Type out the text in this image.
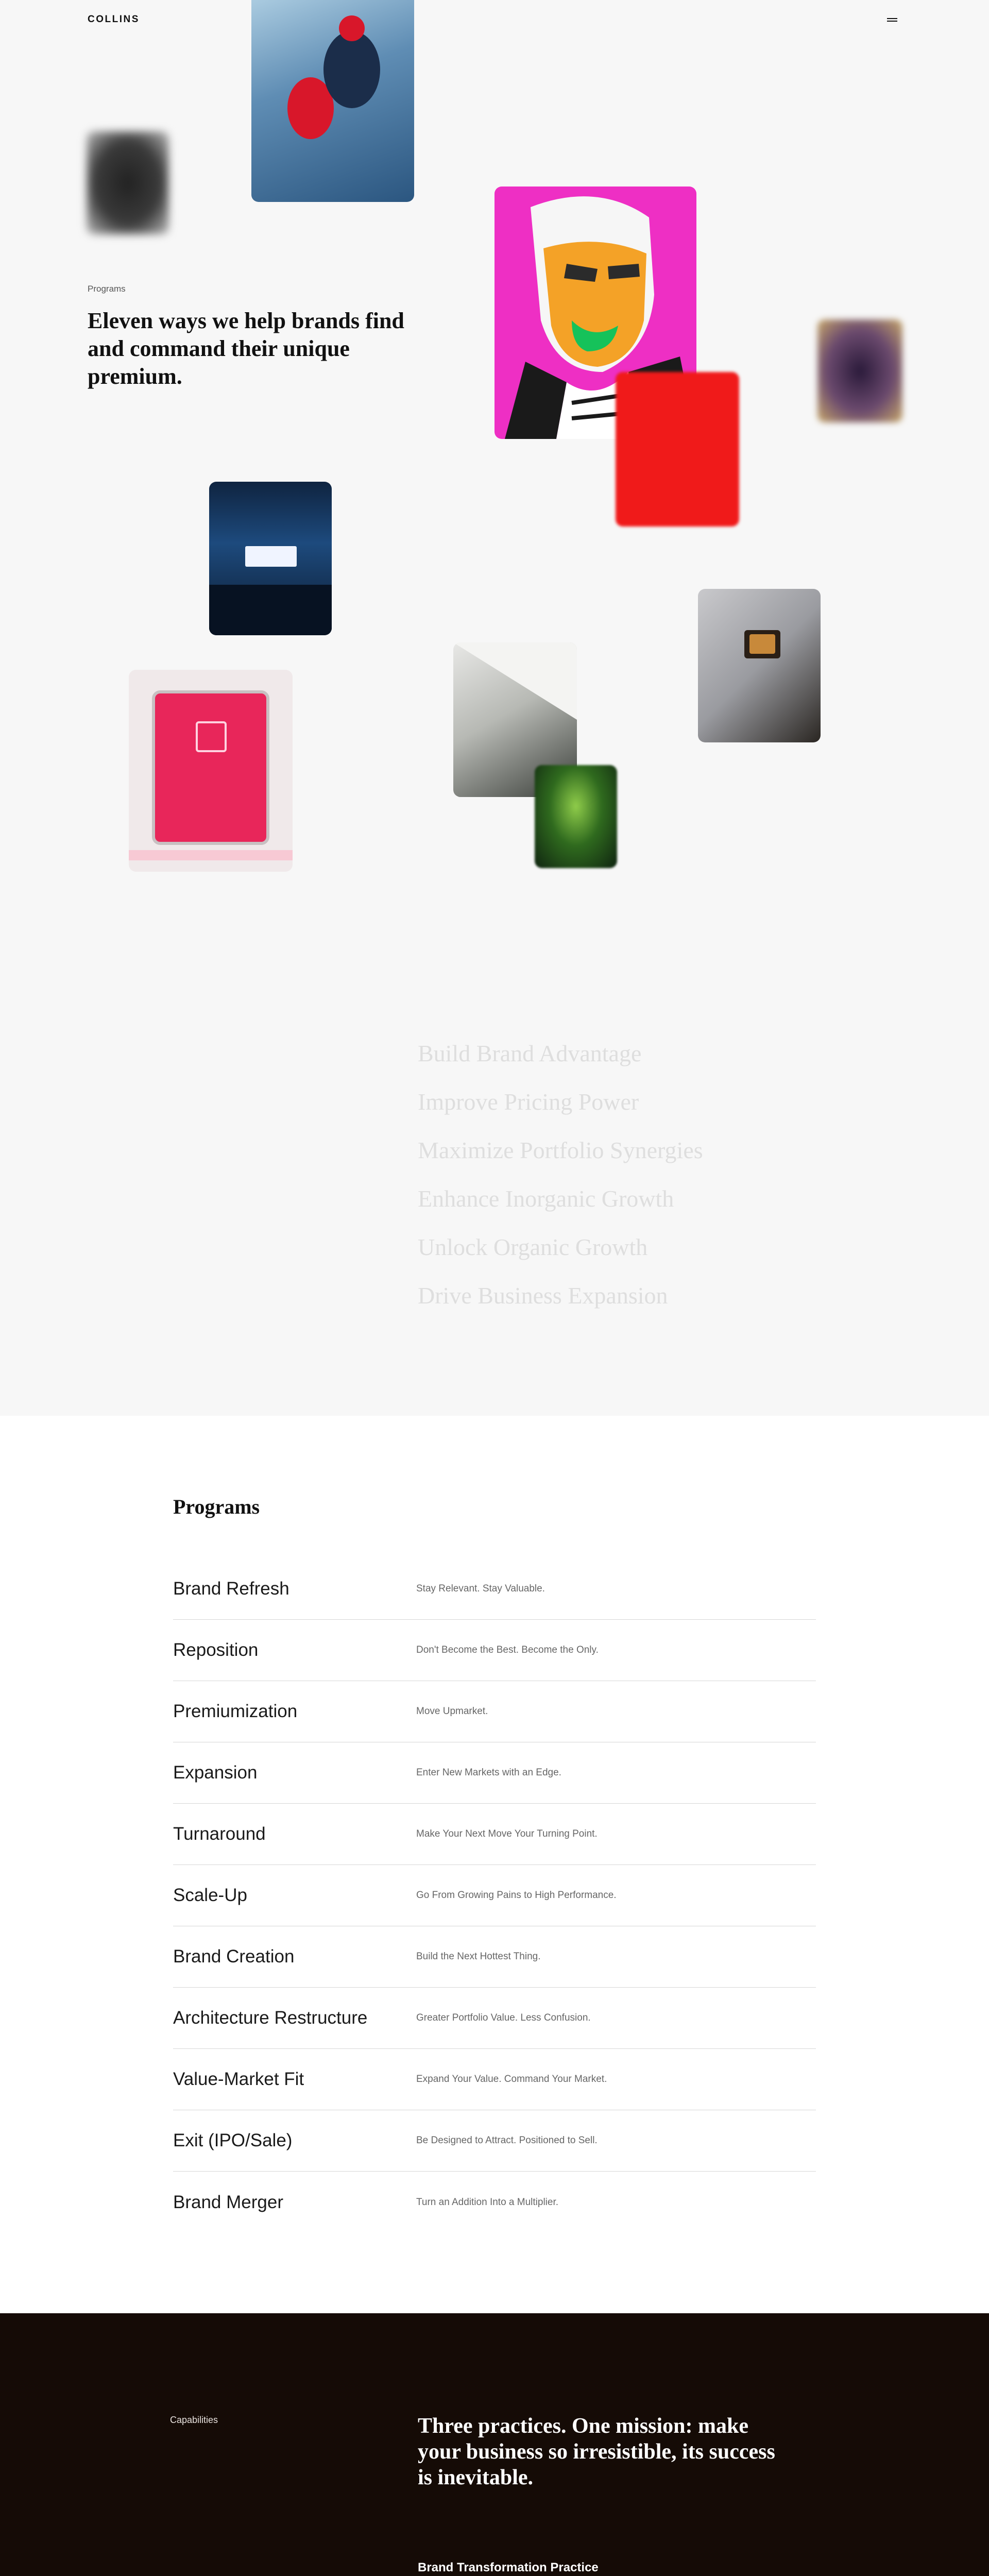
COLLINS
Programs
Eleven ways we help brands find and command their unique premium.
Build Brand Advantage
Improve Pricing Power
Maximize Portfolio Synergies
Enhance Inorganic Growth
Unlock Organic Growth
Drive Business Expansion
Programs
Brand Refresh	Stay Relevant. Stay Valuable.
Reposition	Don't Become the Best. Become the Only.
Premiumization	Move Upmarket.
Expansion	Enter New Markets with an Edge.
Turnaround	Make Your Next Move Your Turning Point.
Scale-Up	Go From Growing Pains to High Performance.
Brand Creation	Build the Next Hottest Thing.
Architecture Restructure	Greater Portfolio Value. Less Confusion.
Value-Market Fit	Expand Your Value. Command Your Market.
Exit (IPO/Sale)	Be Designed to Attract. Positioned to Sell.
Brand Merger	Turn an Addition Into a Multiplier.
Capabilities	Three practices. One mission: make your business so irresistible, its success is inevitable.
Brand Transformation Practice
